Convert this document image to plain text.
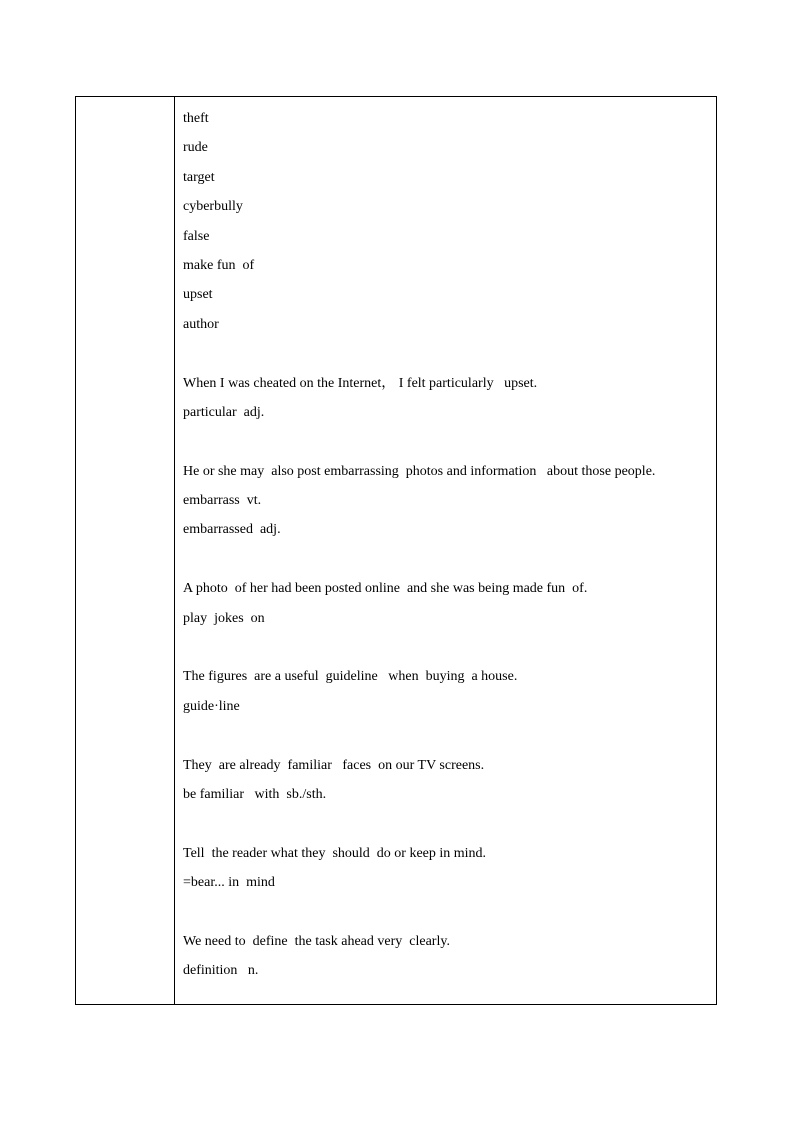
theft
rude
target
cyberbully
false
make fun  of
upset
author
When I was cheated on the Internet， I felt particularly   upset.
particular  adj.
He or she may  also post embarrassing  photos and information   about those people.
embarrass  vt.
embarrassed  adj.
A photo  of her had been posted online  and she was being made fun  of.
play  jokes  on
The figures  are a useful  guideline   when  buying  a house.
guide·line
They  are already  familiar   faces  on our TV screens.
be familiar   with  sb./sth.
Tell  the reader what they  should  do or keep in mind.
=bear... in  mind
We need to  define  the task ahead very  clearly.
definition   n.
